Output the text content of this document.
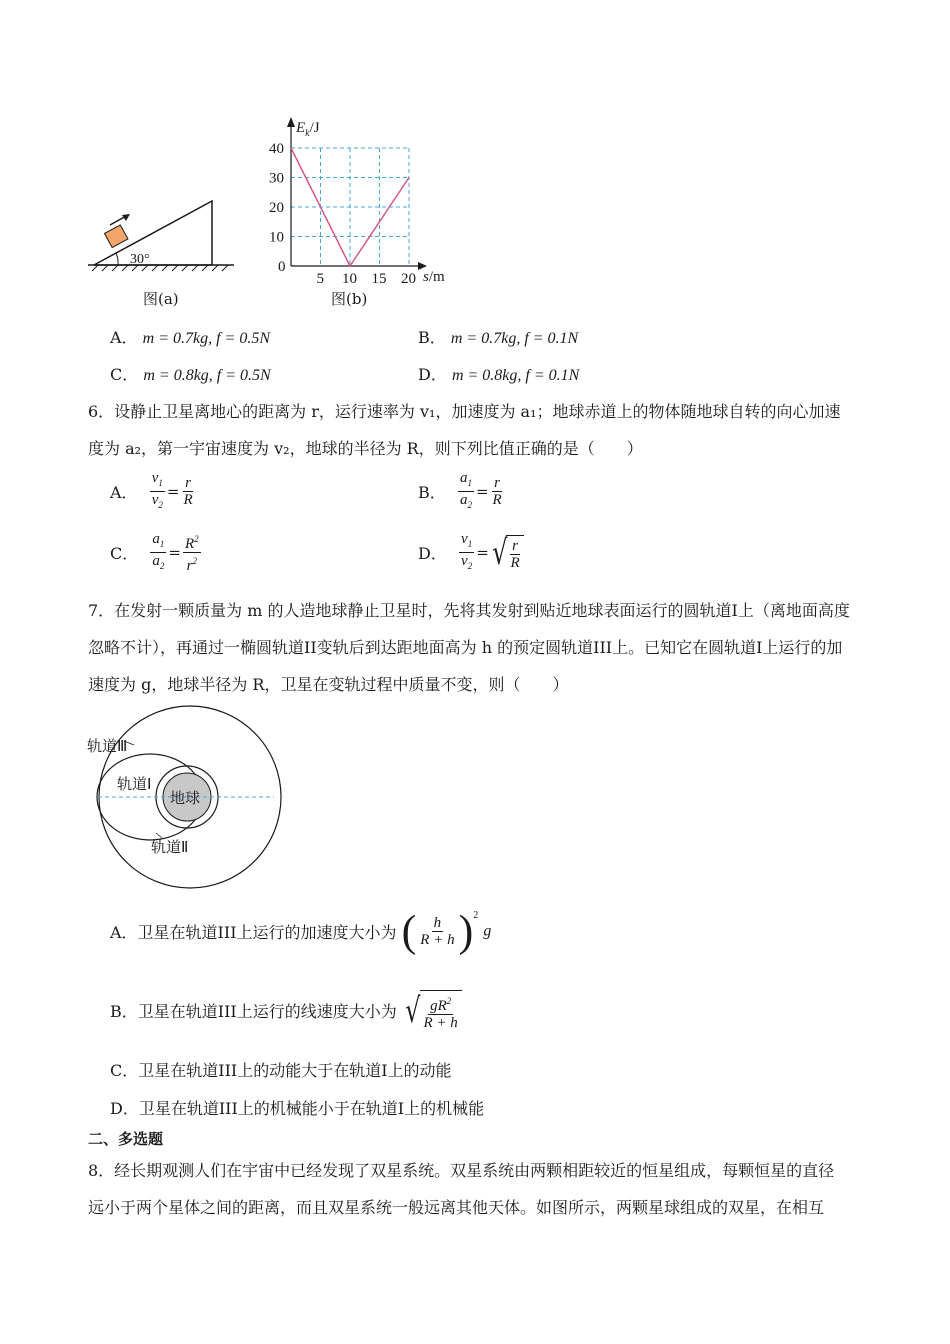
30°
图(a)
5 10 15 20
10
20
30
40
$E_k/J$
s/m
0
图(b)
A． m = 0.7kg, f = 0.5N	B． m = 0.7kg, f = 0.1N
C． m = 0.8kg, f = 0.5N	D． m = 0.8kg, f = 0.1N
6．设静止卫星离地心的距离为 r，运行速率为 v₁，加速度为 a₁；地球赤道上的物体随地球自转的向心加速
度为 a₂，第一宇宙速度为 v₂，地球的半径为 R，则下列比值正确的是（　　）
A． $\frac{v_1}{v_2} = \frac{r}{R}$	B． $\frac{a_1}{a_2} = \frac{r}{R}$
C． $\frac{a_1}{a_2} = \frac{R^2}{r^2}$	D． $\frac{v_1}{v_2}$ = √ $\frac{r}{R}$
7．在发射一颗质量为 m 的人造地球静止卫星时，先将其发射到贴近地球表面运行的圆轨道I上（离地面高度
忽略不计），再通过一椭圆轨道II变轨后到达距地面高为 h 的预定圆轨道III上。已知它在圆轨道I上运行的加
速度为 g，地球半径为 R，卫星在变轨过程中质量不变，则（　　）
地球
轨道Ⅰ
轨道Ⅱ
轨道Ⅲ
A．卫星在轨道III上运行的加速度大小为 ( $\frac{h}{R + h} )^2$ g
B．卫星在轨道III上运行的线速度大小为 √ $\frac{gR^2}{R + h}$
C．卫星在轨道III上的动能大于在轨道I上的动能
D．卫星在轨道III上的机械能小于在轨道I上的机械能
二、多选题
8．经长期观测人们在宇宙中已经发现了双星系统。双星系统由两颗相距较近的恒星组成，每颗恒星的直径
远小于两个星体之间的距离，而且双星系统一般远离其他天体。如图所示，两颗星球组成的双星，在相互
